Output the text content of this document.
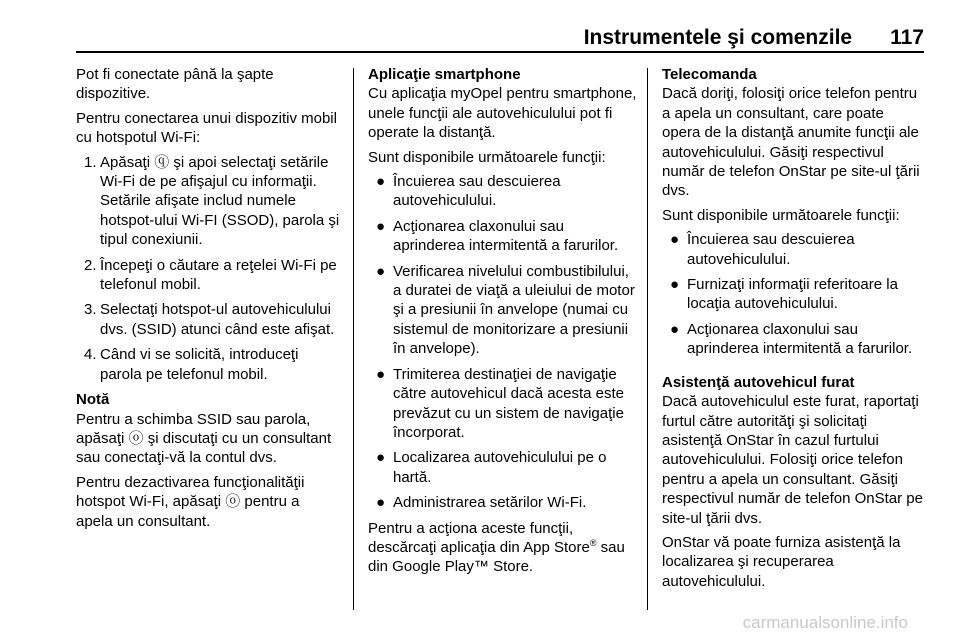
Instrumentele şi comenzile 117

Pot fi conectate până la şapte dispozitive.

Pentru conectarea unui dispozitiv mobil cu hotspotul Wi-Fi:

1. Apăsaţi ⓠ şi apoi selectaţi setările Wi-Fi de pe afişajul cu informaţii. Setările afişate includ numele hotspot-ului Wi-FI (SSOD), parola şi tipul conexiunii.
2. Începeţi o căutare a reţelei Wi-Fi pe telefonul mobil.
3. Selectaţi hotspot-ul autovehiculului dvs. (SSID) atunci când este afişat.
4. Când vi se solicită, introduceţi parola pe telefonul mobil.
Notă

Pentru a schimba SSID sau parola, apăsaţi ⓞ şi discutaţi cu un consultant sau conectaţi-vă la contul dvs.

Pentru dezactivarea funcţionalităţii hotspot Wi-Fi, apăsaţi ⓞ pentru a apela un consultant.

Aplicaţie smartphone

Cu aplicaţia myOpel pentru smartphone, unele funcţii ale autovehiculului pot fi operate la distanţă.

Sunt disponibile următoarele funcţii:

● Încuierea sau descuierea autovehiculului.
● Acţionarea claxonului sau aprinderea intermitentă a farurilor.
● Verificarea nivelului combustibilului, a duratei de viaţă a uleiului de motor şi a presiunii în anvelope (numai cu sistemul de monitorizare a presiunii în anvelope).
● Trimiterea destinaţiei de navigaţie către autovehicul dacă acesta este prevăzut cu un sistem de navigaţie încorporat.
● Localizarea autovehiculului pe o hartă.
● Administrarea setărilor Wi-Fi.

Pentru a acţiona aceste funcţii, descărcaţi aplicaţia din App Store® sau din Google Play™ Store.

Telecomanda

Dacă doriţi, folosiţi orice telefon pentru a apela un consultant, care poate opera de la distanţă anumite funcţii ale autovehiculului. Găsiţi respectivul număr de telefon OnStar pe site-ul ţării dvs.

Sunt disponibile următoarele funcţii:

● Încuierea sau descuierea autovehiculului.
● Furnizaţi informaţii referitoare la locaţia autovehiculului.
● Acţionarea claxonului sau aprinderea intermitentă a farurilor.
Asistenţă autovehicul furat

Dacă autovehiculul este furat, raportaţi furtul către autorităţi şi solicitaţi asistenţă OnStar în cazul furtului autovehiculului. Folosiţi orice telefon pentru a apela un consultant. Găsiţi respectivul număr de telefon OnStar pe site-ul ţării dvs.

OnStar vă poate furniza asistenţă la localizarea şi recuperarea autovehiculului.

carmanualsonline.info
